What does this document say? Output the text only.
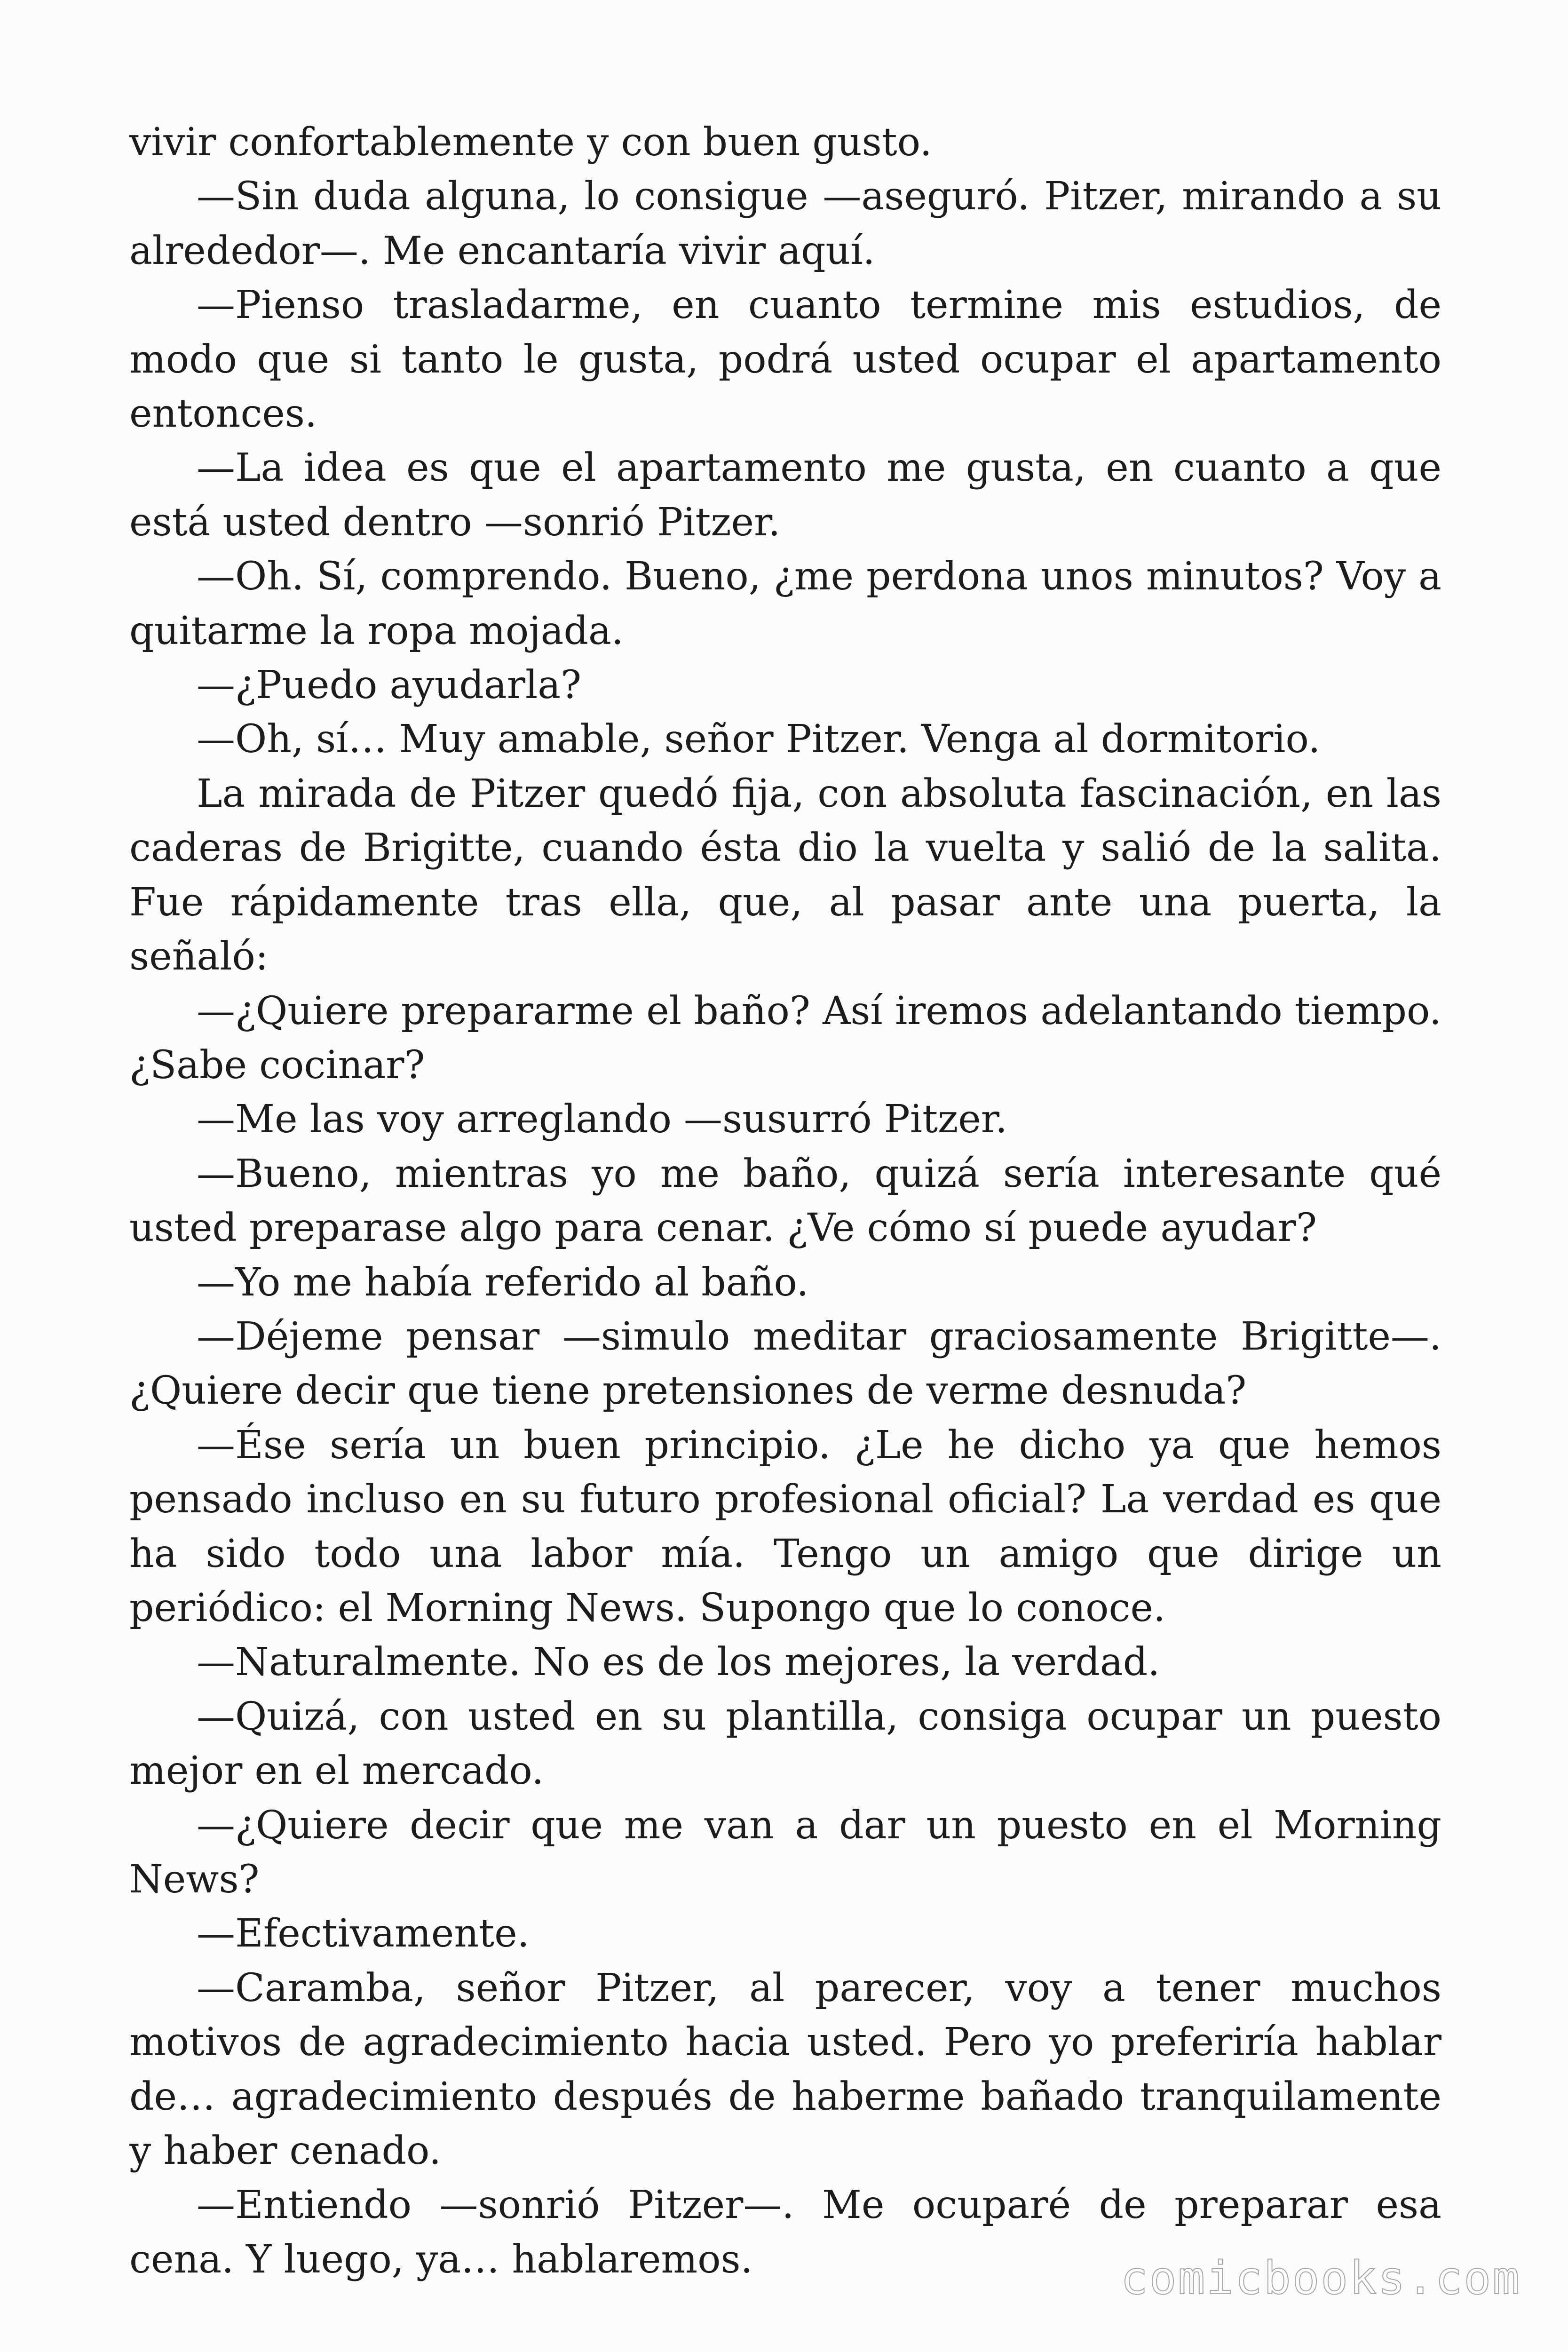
vivir confortablemente y con buen gusto.

—Sin duda alguna, lo consigue —aseguró. Pitzer, mirando a su alrededor—. Me encantaría vivir aquí.

—Pienso trasladarme, en cuanto termine mis estudios, de modo que si tanto le gusta, podrá usted ocupar el apartamento entonces.

—La idea es que el apartamento me gusta, en cuanto a que está usted dentro —sonrió Pitzer.

—Oh. Sí, comprendo. Bueno, ¿me perdona unos minutos? Voy a quitarme la ropa mojada.

—¿Puedo ayudarla?

—Oh, sí… Muy amable, señor Pitzer. Venga al dormitorio.

La mirada de Pitzer quedó fija, con absoluta fascinación, en las caderas de Brigitte, cuando ésta dio la vuelta y salió de la salita. Fue rápidamente tras ella, que, al pasar ante una puerta, la señaló:

—¿Quiere prepararme el baño? Así iremos adelantando tiempo. ¿Sabe cocinar?

—Me las voy arreglando —susurró Pitzer.

—Bueno, mientras yo me baño, quizá sería interesante qué usted preparase algo para cenar. ¿Ve cómo sí puede ayudar?

—Yo me había referido al baño.

—Déjeme pensar —simulo meditar graciosamente Brigitte—. ¿Quiere decir que tiene pretensiones de verme desnuda?

—Ése sería un buen principio. ¿Le he dicho ya que hemos pensado incluso en su futuro profesional oficial? La verdad es que ha sido todo una labor mía. Tengo un amigo que dirige un periódico: el Morning News. Supongo que lo conoce.

—Naturalmente. No es de los mejores, la verdad.

—Quizá, con usted en su plantilla, consiga ocupar un puesto mejor en el mercado.

—¿Quiere decir que me van a dar un puesto en el Morning News?

—Efectivamente.

—Caramba, señor Pitzer, al parecer, voy a tener muchos motivos de agradecimiento hacia usted. Pero yo preferiría hablar de… agradecimiento después de haberme bañado tranquilamente y haber cenado.

—Entiendo —sonrió Pitzer—. Me ocuparé de preparar esa cena. Y luego, ya… hablaremos.	comicbooks.com
